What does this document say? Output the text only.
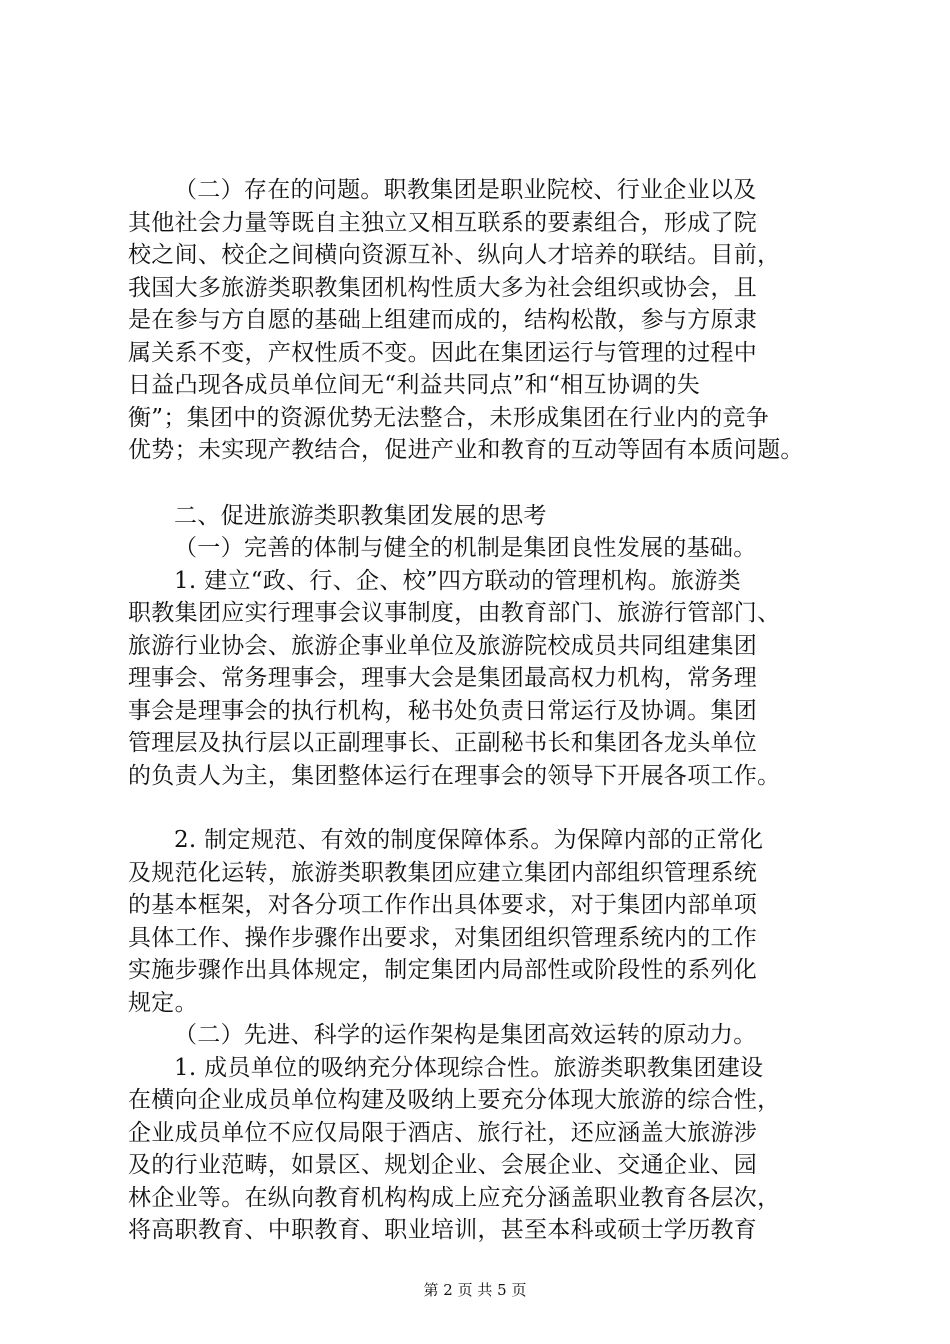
（二）存在的问题。职教集团是职业院校、行业企业以及
其他社会力量等既自主独立又相互联系的要素组合，形成了院
校之间、校企之间横向资源互补、纵向人才培养的联结。目前，
我国大多旅游类职教集团机构性质大多为社会组织或协会，且
是在参与方自愿的基础上组建而成的，结构松散，参与方原隶
属关系不变，产权性质不变。因此在集团运行与管理的过程中
日益凸现各成员单位间无“利益共同点”和“相互协调的失
衡”；集团中的资源优势无法整合，未形成集团在行业内的竞争
优势；未实现产教结合，促进产业和教育的互动等固有本质问题。
二、促进旅游类职教集团发展的思考
（一）完善的体制与健全的机制是集团良性发展的基础。
1. 建立“政、行、企、校”四方联动的管理机构。旅游类
职教集团应实行理事会议事制度，由教育部门、旅游行管部门、
旅游行业协会、旅游企事业单位及旅游院校成员共同组建集团
理事会、常务理事会，理事大会是集团最高权力机构，常务理
事会是理事会的执行机构，秘书处负责日常运行及协调。集团
管理层及执行层以正副理事长、正副秘书长和集团各龙头单位
的负责人为主，集团整体运行在理事会的领导下开展各项工作。
2. 制定规范、有效的制度保障体系。为保障内部的正常化
及规范化运转，旅游类职教集团应建立集团内部组织管理系统
的基本框架，对各分项工作作出具体要求，对于集团内部单项
具体工作、操作步骤作出要求，对集团组织管理系统内的工作
实施步骤作出具体规定，制定集团内局部性或阶段性的系列化
规定。
（二）先进、科学的运作架构是集团高效运转的原动力。
1. 成员单位的吸纳充分体现综合性。旅游类职教集团建设
在横向企业成员单位构建及吸纳上要充分体现大旅游的综合性，
企业成员单位不应仅局限于酒店、旅行社，还应涵盖大旅游涉
及的行业范畴，如景区、规划企业、会展企业、交通企业、园
林企业等。在纵向教育机构构成上应充分涵盖职业教育各层次，
将高职教育、中职教育、职业培训，甚至本科或硕士学历教育
第 2 页 共 5 页
